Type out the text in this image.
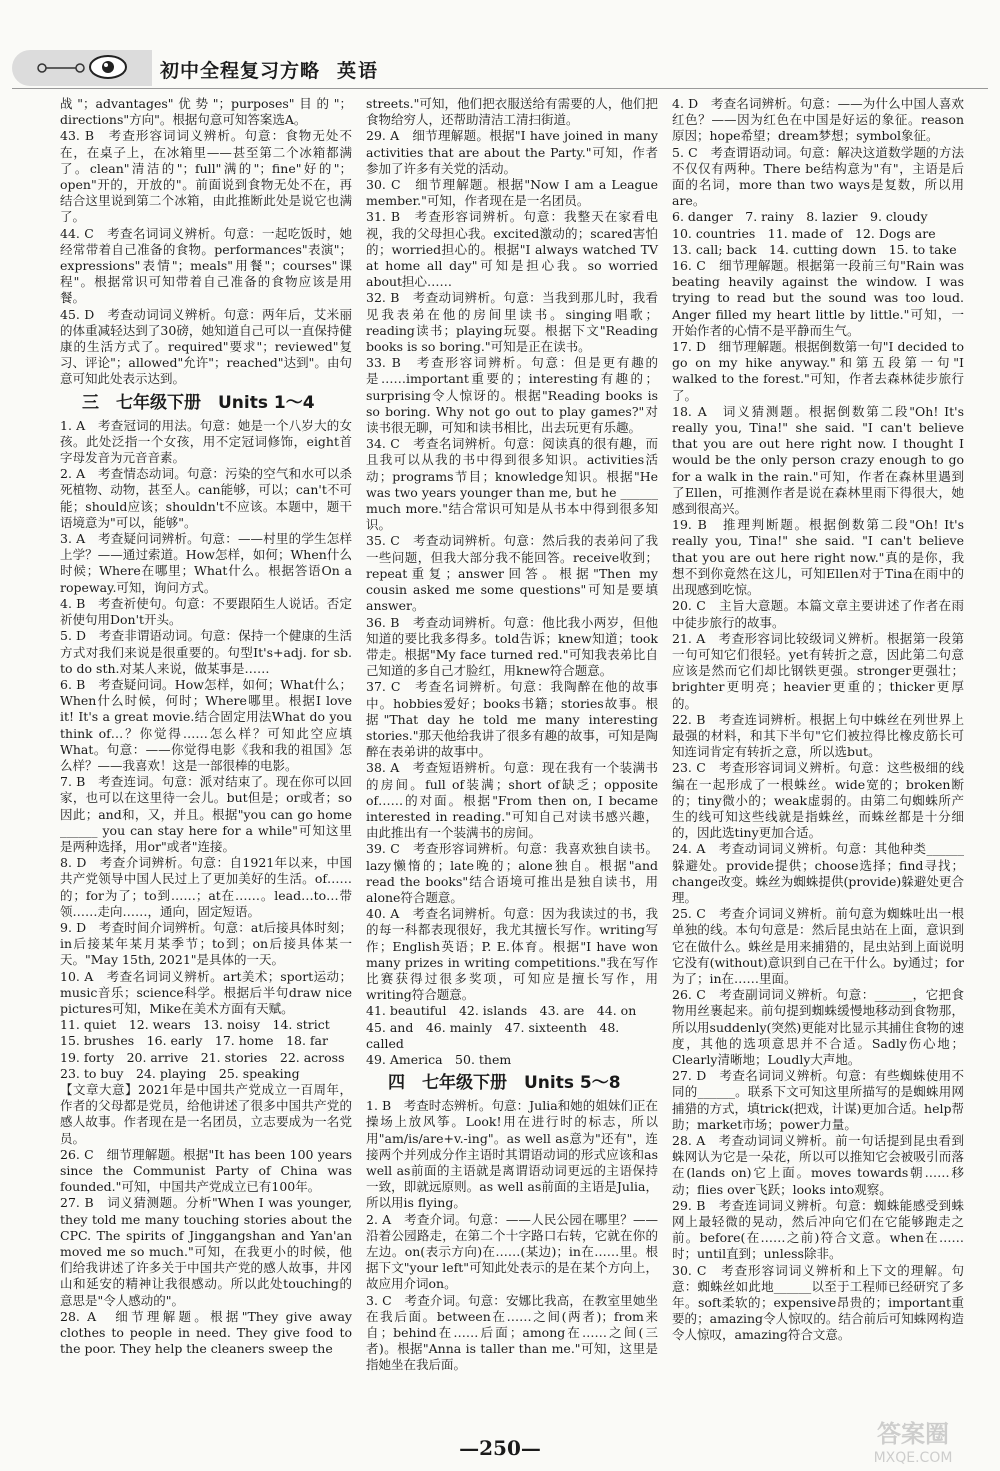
初中全程复习方略 英语

战"；advantages"优势"；purposes"目的"；directions"方向"。根据句意可知答案选A。

43. B　考查形容词词义辨析。句意：食物无处不在，在桌子上，在冰箱里——甚至第二个冰箱都满了。clean"清洁的"；full"满的"；fine"好的"；open"开的，开放的"。前面说到食物无处不在，再结合这里说到第二个冰箱，由此推断此处是说它也满了。

44. C　考查名词词义辨析。句意：一起吃饭时，她经常带着自己准备的食物。performances"表演"；expressions"表情"；meals"用餐"；courses"课程"。根据常识可知带着自己准备的食物应该是用餐。

45. D　考查动词词义辨析。句意：两年后，艾米丽的体重减轻达到了30磅，她知道自己可以一直保持健康的生活方式了。required"要求"；reviewed"复习、评论"；allowed"允许"；reached"达到"。由句意可知此处表示达到。

三　七年级下册　Units 1～4

1. A　考查冠词的用法。句意：她是一个八岁大的女孩。此处泛指一个女孩，用不定冠词修饰，eight首字母发音为元音音素。

2. A　考查情态动词。句意：污染的空气和水可以杀死植物、动物，甚至人。can能够，可以；can't不可能；should应该；shouldn't不应该。本题中，题干语境意为"可以，能够"。

3. A　考查疑问词辨析。句意：——村里的学生怎样上学？——通过索道。How怎样，如何；When什么时候；Where在哪里；What什么。根据答语On a ropeway.可知，询问方式。

4. B　考查祈使句。句意：不要跟陌生人说话。否定祈使句用Don't开头。

5. D　考查非谓语动词。句意：保持一个健康的生活方式对我们来说是很重要的。句型It's+adj. for sb. to do sth.对某人来说，做某事是……

6. B　考查疑问词。How怎样，如何；What什么；When什么时候，何时；Where哪里。根据I love it! It's a great movie.结合固定用法What do you think of…？你觉得……怎么样？可知此空应填What。句意：——你觉得电影《我和我的祖国》怎么样？——我喜欢！这是一部很棒的电影。

7. B　考查连词。句意：派对结束了。现在你可以回家，也可以在这里待一会儿。but但是；or或者；so因此；and和，又，并且。根据"you can go home ______ you can stay here for a while"可知这里是两种选择，用or"或者"连接。

8. D　考查介词辨析。句意：自1921年以来，中国共产党领导中国人民过上了更加美好的生活。of……的；for为了；to到……；at在……。lead…to…带领……走向……，通向，固定短语。

9. D　考查时间介词辨析。句意：at后接具体时刻；in后接某年某月某季节；to到；on后接具体某一天。"May 15th, 2021"是具体的一天。

10. A　考查名词词义辨析。art美术；sport运动；music音乐；science科学。根据后半句draw nice pictures可知，Mike在美术方面有天赋。

11. quiet　12. wears　13. noisy　14. strict

15. brushes　16. early　17. home　18. far

19. forty　20. arrive　21. stories　22. across

23. to buy　24. playing　25. speaking

【文章大意】2021年是中国共产党成立一百周年，作者的父母都是党员，给他讲述了很多中国共产党的感人故事。作者现在是一名团员，立志要成为一名党员。

26. C　细节理解题。根据"It has been 100 years since the Communist Party of China was founded."可知，中国共产党成立已有100年。

27. B　词义猜测题。分析"When I was younger, they told me many touching stories about the CPC. The spirits of Jinggangshan and Yan'an moved me so much."可知，在我更小的时候，他们给我讲述了许多关于中国共产党的感人故事，井冈山和延安的精神让我很感动。所以此处touching的意思是"令人感动的"。

28. A　细节理解题。根据"They give away clothes to people in need. They give food to the poor. They help the cleaners sweep the

streets."可知，他们把衣服送给有需要的人，他们把食物给穷人，还帮助清洁工清扫街道。

29. A　细节理解题。根据"I have joined in many activities that are about the Party."可知，作者参加了许多有关党的活动。

30. C　细节理解题。根据"Now I am a League member."可知，作者现在是一名团员。

31. B　考查形容词辨析。句意：我整天在家看电视，我的父母担心我。excited激动的；scared害怕的；worried担心的。根据"I always watched TV at home all day"可知是担心我。so worried about担心……

32. B　考查动词辨析。句意：当我到那儿时，我看见我表弟在他的房间里读书。singing唱歌；reading读书；playing玩耍。根据下文"Reading books is so boring."可知是正在读书。

33. B　考查形容词辨析。句意：但是更有趣的是……important重要的；interesting有趣的；surprising令人惊讶的。根据"Reading books is so boring. Why not go out to play games?"对读书很无聊，可知和读书相比，出去玩更有乐趣。

34. C　考查名词辨析。句意：阅读真的很有趣，而且我可以从我的书中得到很多知识。activities活动；programs节目；knowledge知识。根据"He was two years younger than me, but he ______ much more."结合常识可知是从书本中得到很多知识。

35. C　考查动词辨析。句意：然后我的表弟问了我一些问题，但我大部分我不能回答。receive收到；repeat重复；answer回答。根据"Then my cousin asked me some questions"可知是要填answer。

36. B　考查动词辨析。句意：他比我小两岁，但他知道的要比我多得多。told告诉；knew知道；took带走。根据"My face turned red."可知我表弟比自己知道的多自己才脸红，用knew符合题意。

37. C　考查名词辨析。句意：我陶醉在他的故事中。hobbies爱好；books书籍；stories故事。根据"That day he told me many interesting stories."那天他给我讲了很多有趣的故事，可知是陶醉在表弟讲的故事中。

38. A　考查短语辨析。句意：现在我有一个装满书的房间。full of装满；short of缺乏；opposite of……的对面。根据"From then on, I became interested in reading."可知自己对读书感兴趣，由此推出有一个装满书的房间。

39. C　考查形容词辨析。句意：我喜欢独自读书。lazy懒惰的；late晚的；alone独自。根据"and read the books"结合语境可推出是独自读书，用alone符合题意。

40. A　考查名词辨析。句意：因为我读过的书，我的每一科都表现很好，我尤其擅长写作。writing写作；English英语；P. E.体育。根据"I have won many prizes in writing competitions."我在写作比赛获得过很多奖项，可知应是擅长写作，用writing符合题意。

41. beautiful　42. islands　43. are　44. on

45. and　46. mainly　47. sixteenth　48. called

49. America　50. them

四　七年级下册　Units 5～8

1. B　考查时态辨析。句意：Julia和她的姐妹们正在操场上放风筝。Look!用在进行时的标志，所以用"am/is/are+v.-ing"。as well as意为"还有"，连接两个并列成分作主语时其谓语动词的形式应该和as well as前面的主语就是离谓语动词更远的主语保持一致，即就远原则。as well as前面的主语是Julia，所以用is flying。

2. A　考查介词。句意：——人民公园在哪里？——沿着公园路走，在第二个十字路口右转，它就在你的左边。on(表示方向)在……(某边)；in在……里。根据下文"your left"可知此处表示的是在某个方向上，故应用介词on。

3. C　考查介词。句意：安娜比我高，在教室里她坐在我后面。between在……之间(两者)；from来自；behind在……后面；among在……之间(三者)。根据"Anna is taller than me."可知，这里是指她坐在我后面。

4. D　考查名词辨析。句意：——为什么中国人喜欢红色？——因为红色在中国是好运的象征。reason原因；hope希望；dream梦想；symbol象征。

5. C　考查谓语动词。句意：解决这道数学题的方法不仅仅有两种。There be结构意为"有"，主语是后面的名词，more than two ways是复数，所以用are。

6. danger　7. rainy　8. lazier　9. cloudy

10. countries　11. made of　12. Dogs are

13. call; back　14. cutting down　15. to take

16. C　细节理解题。根据第一段前三句"Rain was beating heavily against the window. I was trying to read but the sound was too loud. Anger filled my heart little by little."可知，一开始作者的心情不是平静而生气。

17. D　细节理解题。根据倒数第一句"I decided to go on my hike anyway."和第五段第一句"I walked to the forest."可知，作者去森林徒步旅行了。

18. A　词义猜测题。根据倒数第二段"Oh! It's really you, Tina!" she said. "I can't believe that you are out here right now. I thought I would be the only person crazy enough to go for a walk in the rain."可知，作者在森林里遇到了Ellen，可推测作者是说在森林里雨下得很大，她感到很高兴。

19. B　推理判断题。根据倒数第二段"Oh! It's really you, Tina!" she said. "I can't believe that you are out here right now."真的是你，我想不到你竟然在这儿，可知Ellen对于Tina在雨中的出现感到吃惊。

20. C　主旨大意题。本篇文章主要讲述了作者在雨中徒步旅行的故事。

21. A　考查形容词比较级词义辨析。根据第一段第一句可知它们很轻。yet有转折之意，因此第二句意应该是然而它们却比钢铁更强。stronger更强壮；brighter更明亮；heavier更重的；thicker更厚的。

22. B　考查连词辨析。根据上句中蛛丝在列世界上最强的材料，和其下半句"它们被拉得比橡皮筋长可知连词肯定有转折之意，所以选but。

23. C　考查形容词词义辨析。句意：这些极细的线编在一起形成了一根蛛丝。wide宽的；broken断的；tiny微小的；weak虚弱的。由第二句蜘蛛所产生的线可知这些线就是指蛛丝，而蛛丝都是十分细的，因此选tiny更加合适。

24. A　考查动词词义辨析。句意：其他种类______躲避处。provide提供；choose选择；find寻找；change改变。蛛丝为蜘蛛提供(provide)躲避处更合理。

25. C　考查介词词义辨析。前句意为蜘蛛吐出一根单独的线。本句句意是：然后昆虫站在上面，意识到它在做什么。蛛丝是用来捕猎的，昆虫站到上面说明它没有(without)意识到自己在干什么。by通过；for为了；in在……里面。

26. C　考查副词词义辨析。句意：______，它把食物用丝裹起来。前句提到蜘蛛缓慢地移动到食物那，所以用suddenly(突然)更能对比显示其捕住食物的速度，其他的选项意思并不合适。Sadly伤心地；Clearly清晰地；Loudly大声地。

27. D　考查名词词义辨析。句意：有些蜘蛛使用不同的______。联系下文可知这里所描写的是蜘蛛用网捕猎的方式，填trick(把戏，计谋)更加合适。help帮助；market市场；power力量。

28. A　考查动词词义辨析。前一句话提到昆虫看到蛛网认为它是一朵花，所以可以推知它会被吸引而落在(lands on)它上面。moves towards朝……移动；flies over飞跃；looks into观察。

29. B　考查连词词义辨析。句意：蜘蛛能感受到蛛网上最轻微的晃动，然后冲向它们在它能够跑走之前。before(在……之前)符合文意。when在……时；until直到；unless除非。

30. C　考查形容词词义辨析和上下文的理解。句意：蜘蛛丝如此地______以至于工程师已经研究了多年。soft柔软的；expensive昂贵的；important重要的；amazing令人惊叹的。结合前后可知蛛网构造令人惊叹，amazing符合文意。

—250—	答案圈
MXQE.COM
